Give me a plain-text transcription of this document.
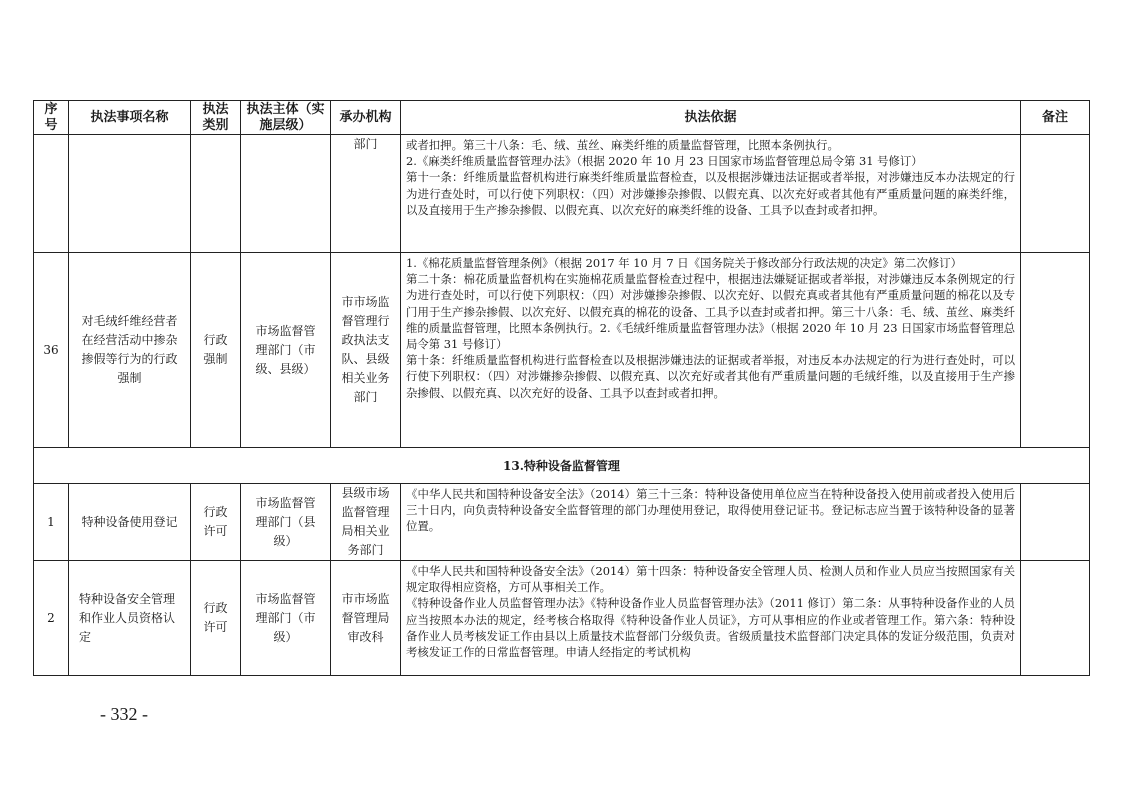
序号	执法事项名称	执法类别	执法主体（实施层级）	承办机构	执法依据	备注
				部门	或者扣押。第三十八条：毛、绒、茧丝、麻类纤维的质量监督管理，比照本条例执行。

2.《麻类纤维质量监督管理办法》（根据 2020 年 10 月 23 日国家市场监督管理总局令第 31 号修订）

第十一条：纤维质量监督机构进行麻类纤维质量监督检查，以及根据涉嫌违法证据或者举报，对涉嫌违反本办法规定的行为进行查处时，可以行使下列职权：（四）对涉嫌掺杂掺假、以假充真、以次充好或者其他有严重质量问题的麻类纤维，以及直接用于生产掺杂掺假、以假充真、以次充好的麻类纤维的设备、工具予以查封或者扣押。	

36	对毛绒纤维经营者在经营活动中掺杂掺假等行为的行政强制	行政强制	市场监督管理部门（市级、县级）	市市场监督管理行政执法支队、县级相关业务部门	1.《棉花质量监督管理条例》（根据 2017 年 10 月 7 日《国务院关于修改部分行政法规的决定》第二次修订）

第二十条：棉花质量监督机构在实施棉花质量监督检查过程中，根据违法嫌疑证据或者举报，对涉嫌违反本条例规定的行为进行查处时，可以行使下列职权：（四）对涉嫌掺杂掺假、以次充好、以假充真或者其他有严重质量问题的棉花以及专门用于生产掺杂掺假、以次充好、以假充真的棉花的设备、工具予以查封或者扣押。第三十八条：毛、绒、茧丝、麻类纤维的质量监督管理，比照本条例执行。2.《毛绒纤维质量监督管理办法》（根据 2020 年 10 月 23 日国家市场监督管理总局令第 31 号修订）

第十条：纤维质量监督机构进行监督检查以及根据涉嫌违法的证据或者举报，对违反本办法规定的行为进行查处时，可以行使下列职权：（四）对涉嫌掺杂掺假、以假充真、以次充好或者其他有严重质量问题的毛绒纤维，以及直接用于生产掺杂掺假、以假充真、以次充好的设备、工具予以查封或者扣押。	

13.特种设备监督管理						
1	特种设备使用登记	行政许可	市场监督管理部门（县级）	县级市场监督管理局相关业务部门	《中华人民共和国特种设备安全法》（2014）第三十三条：特种设备使用单位应当在特种设备投入使用前或者投入使用后三十日内，向负责特种设备安全监督管理的部门办理使用登记，取得使用登记证书。登记标志应当置于该特种设备的显著位置。	

2	特种设备安全管理和作业人员资格认定	行政许可	市场监督管理部门（市级）	市市场监督管理局审改科	《中华人民共和国特种设备安全法》（2014）第十四条：特种设备安全管理人员、检测人员和作业人员应当按照国家有关规定取得相应资格，方可从事相关工作。

《特种设备作业人员监督管理办法》《特种设备作业人员监督管理办法》（2011 修订）第二条：从事特种设备作业的人员应当按照本办法的规定，经考核合格取得《特种设备作业人员证》，方可从事相应的作业或者管理工作。第六条：特种设备作业人员考核发证工作由县以上质量技术监督部门分级负责。省级质量技术监督部门决定具体的发证分级范围，负责对考核发证工作的日常监督管理。申请人经指定的考试机构	

- 332 -
